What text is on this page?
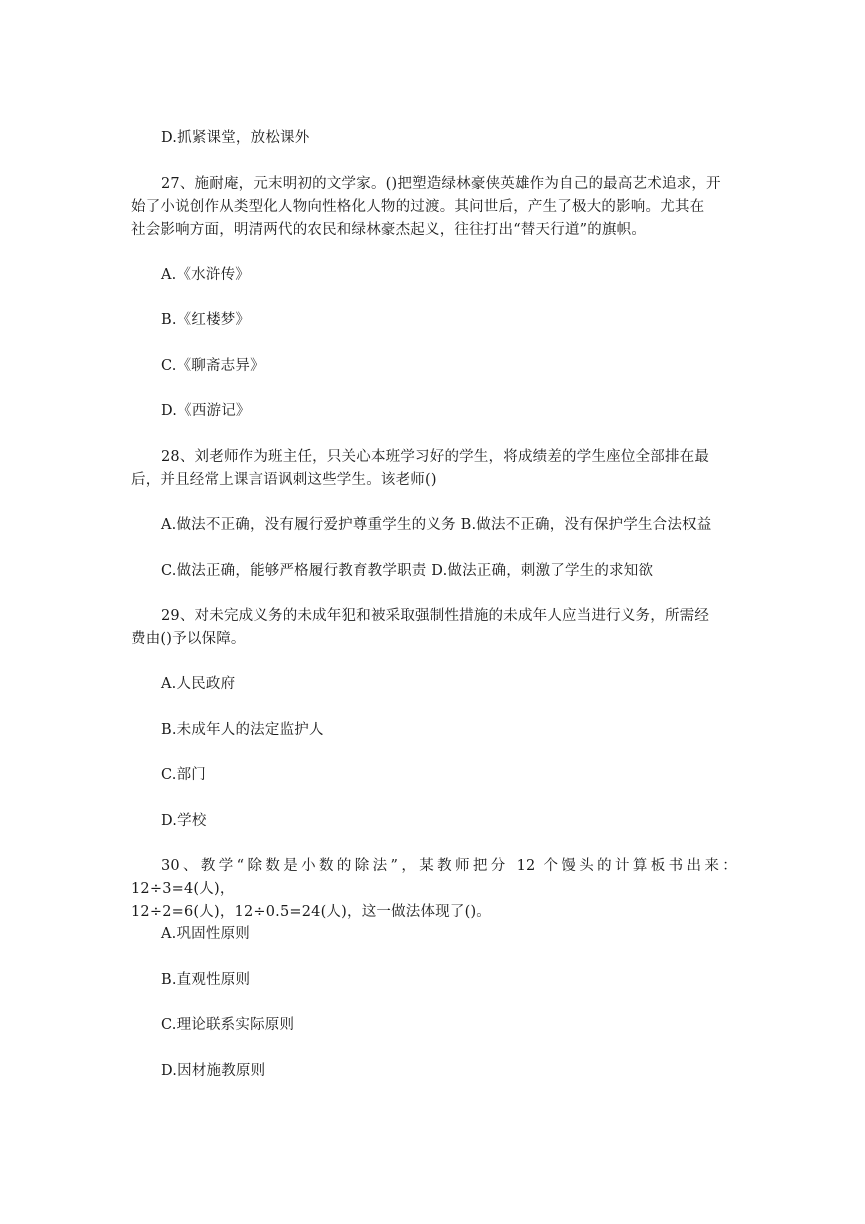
D.抓紧课堂，放松课外
27、施耐庵，元末明初的文学家。()把塑造绿林豪侠英雄作为自己的最高艺术追求，开
始了小说创作从类型化人物向性格化人物的过渡。其问世后，产生了极大的影响。尤其在
社会影响方面，明清两代的农民和绿林豪杰起义，往往打出“替天行道”的旗帜。
A.《水浒传》
B.《红楼梦》
C.《聊斋志异》
D.《西游记》
28、刘老师作为班主任，只关心本班学习好的学生，将成绩差的学生座位全部排在最
后，并且经常上课言语讽刺这些学生。该老师()
A.做法不正确，没有履行爱护尊重学生的义务 B.做法不正确，没有保护学生合法权益
C.做法正确，能够严格履行教育教学职责 D.做法正确，刺激了学生的求知欲
29、对未完成义务的未成年犯和被采取强制性措施的未成年人应当进行义务，所需经
费由()予以保障。
A.人民政府
B.未成年人的法定监护人
C.部门
D.学校
30、教学“除数是小数的除法”，某教师把分 12 个馒头的计算板书出来：12÷3=4(人)，
12÷2=6(人)，12÷0.5=24(人)，这一做法体现了()。
A.巩固性原则
B.直观性原则
C.理论联系实际原则
D.因材施教原则
